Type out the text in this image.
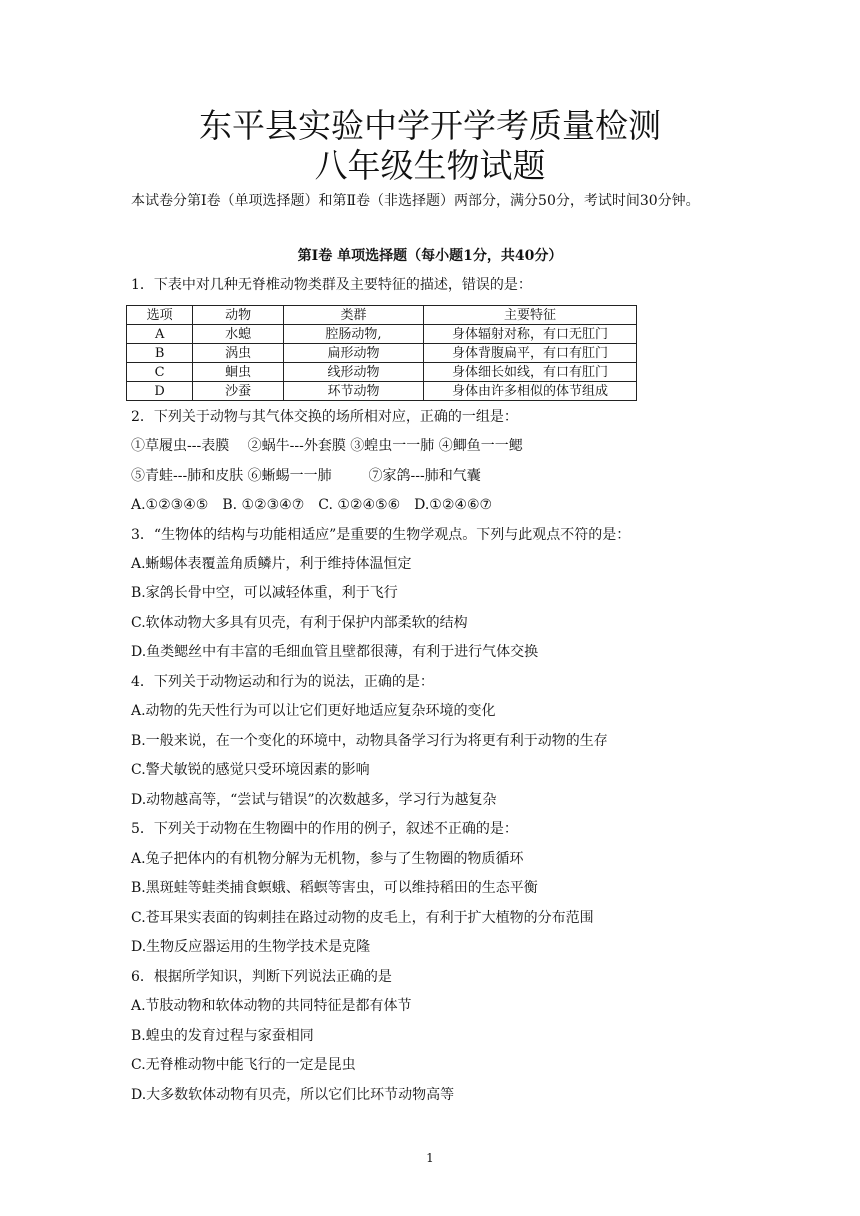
东平县实验中学开学考质量检测
八年级生物试题
本试卷分第Ⅰ卷（单项选择题）和第Ⅱ卷（非选择题）两部分，满分50分，考试时间30分钟。
第Ⅰ卷 单项选择题（每小题1分，共40分）
1．下表中对几种无脊椎动物类群及主要特征的描述，错误的是：
选项	动物	类群	主要特征
A	水螅	腔肠动物,	身体辐射对称，有口无肛门
B	涡虫	扁形动物	身体背腹扁平，有口有肛门
C	蛔虫	线形动物	身体细长如线，有口有肛门
D	沙蚕	环节动物	身体由许多相似的体节组成
2．下列关于动物与其气体交换的场所相对应，正确的一组是：
①草履虫---表膜　 ②蜗牛---外套膜 ③蝗虫一一肺 ④鲫鱼一一鳃
⑤青蛙---肺和皮肤 ⑥蜥蜴一一肺 　　 ⑦家鸽---肺和气囊
A.①②③④⑤　B. ①②③④⑦　C. ①②④⑤⑥　D.①②④⑥⑦
3．“生物体的结构与功能相适应”是重要的生物学观点。下列与此观点不符的是：
A.蜥蜴体表覆盖角质鳞片，利于维持体温恒定
B.家鸽长骨中空，可以减轻体重，利于飞行
C.软体动物大多具有贝壳，有利于保护内部柔软的结构
D.鱼类鳃丝中有丰富的毛细血管且壁都很薄，有利于进行气体交换
4．下列关于动物运动和行为的说法，正确的是：
A.动物的先天性行为可以让它们更好地适应复杂环境的变化
B.一般来说，在一个变化的环境中，动物具备学习行为将更有利于动物的生存
C.警犬敏锐的感觉只受环境因素的影响
D.动物越高等，“尝试与错误”的次数越多，学习行为越复杂
5．下列关于动物在生物圈中的作用的例子，叙述不正确的是：
A.兔子把体内的有机物分解为无机物，参与了生物圈的物质循环
B.黑斑蛙等蛙类捕食螟蛾、稻螟等害虫，可以维持稻田的生态平衡
C.苍耳果实表面的钩刺挂在路过动物的皮毛上，有利于扩大植物的分布范围
D.生物反应器运用的生物学技术是克隆
6．根据所学知识，判断下列说法正确的是
A.节肢动物和软体动物的共同特征是都有体节
B.蝗虫的发育过程与家蚕相同
C.无脊椎动物中能飞行的一定是昆虫
D.大多数软体动物有贝壳，所以它们比环节动物高等
1
